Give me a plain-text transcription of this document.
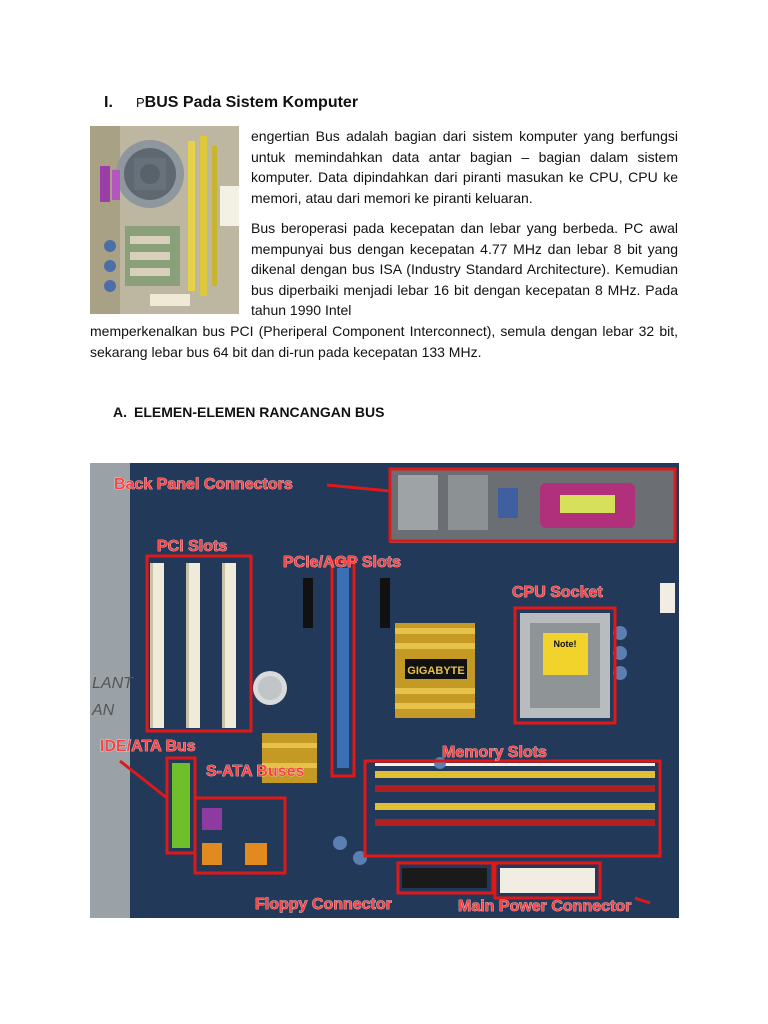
I. PBUS Pada Sistem Komputer
engertian Bus adalah bagian dari sistem komputer yang berfungsi untuk memindahkan data antar bagian – bagian dalam sistem komputer. Data dipindahkan dari piranti masukan ke CPU, CPU ke memori, atau dari memori ke piranti keluaran.
Bus beroperasi pada kecepatan dan lebar yang berbeda. PC awal mempunyai bus dengan kecepatan 4.77 MHz dan lebar 8 bit yang dikenal dengan bus ISA (Industry Standard Architecture). Kemudian bus diperbaiki menjadi lebar 16 bit dengan kecepatan 8 MHz. Pada tahun 1990 Intel
memperkenalkan bus PCI (Pheriperal Component Interconnect), semula dengan lebar 32 bit, sekarang lebar bus 64 bit dan di-run pada kecepatan 133 MHz.
A. ELEMEN-ELEMEN RANCANGAN BUS
GIGABYTE
Note!
LANT
AN
Back Panel Connectors
PCI Slots
PCIe/AGP Slots
CPU Socket
IDE/ATA Bus
S-ATA Buses
Memory Slots
Floppy Connector	Main Power Connector
